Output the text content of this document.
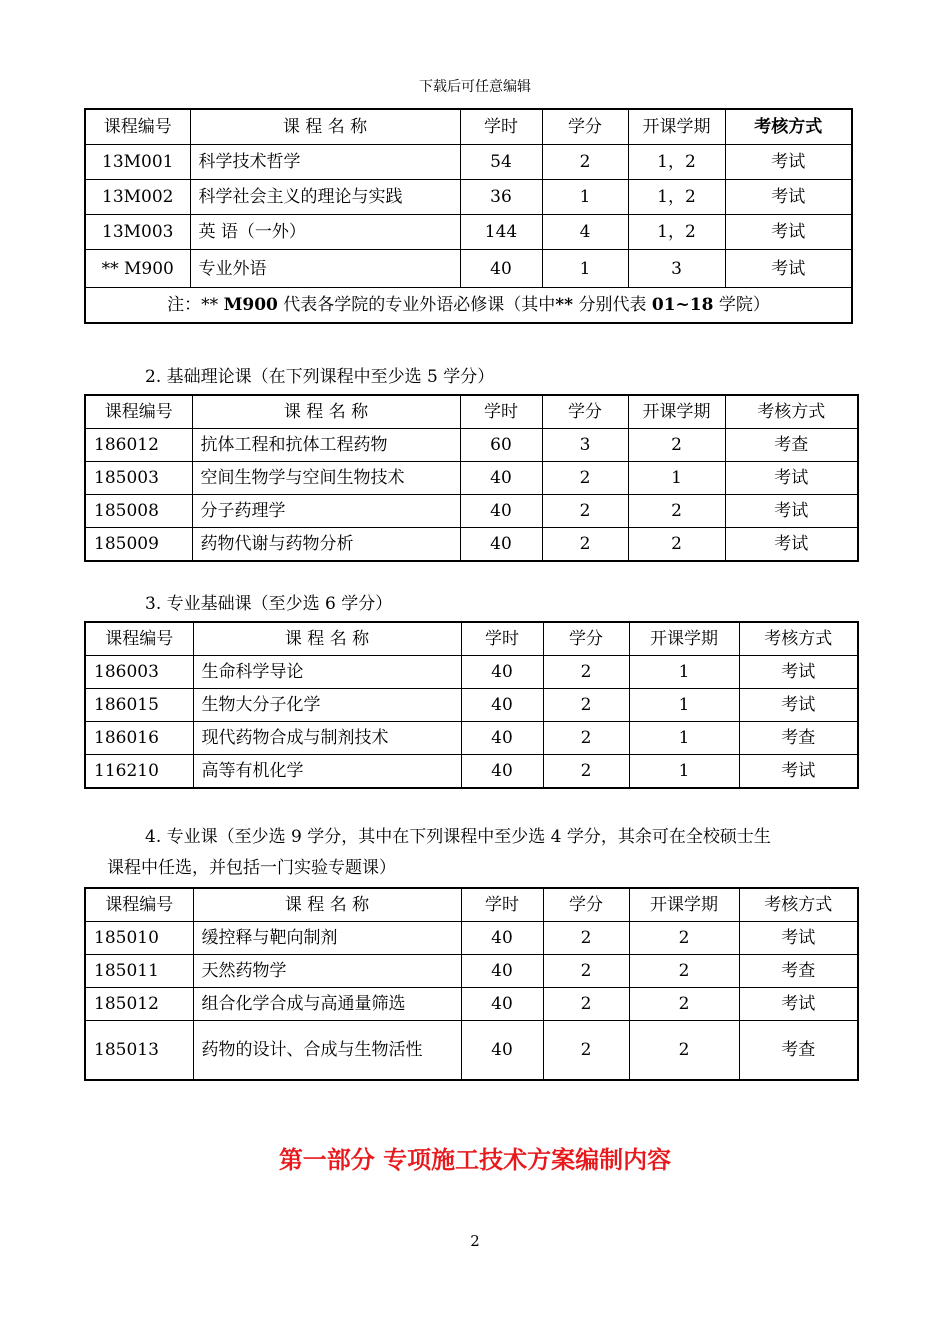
下载后可任意编辑
课程编号	课 程 名 称	学时	学分	开课学期	考核方式
13M001	科学技术哲学	54	2	1，2	考试
13M002	科学社会主义的理论与实践	36	1	1，2	考试
13M003	英 语（一外）	144	4	1，2	考试
** M900	专业外语	40	1	3	考试
注：** M900 代表各学院的专业外语必修课（其中** 分别代表 01~18 学院）					
2. 基础理论课（在下列课程中至少选 5 学分）
课程编号	课 程 名 称	学时	学分	开课学期	考核方式
186012	抗体工程和抗体工程药物	60	3	2	考查
185003	空间生物学与空间生物技术	40	2	1	考试
185008	分子药理学	40	2	2	考试
185009	药物代谢与药物分析	40	2	2	考试
3. 专业基础课（至少选 6 学分）
课程编号	课 程 名 称	学时	学分	开课学期	考核方式
186003	生命科学导论	40	2	1	考试
186015	生物大分子化学	40	2	1	考试
186016	现代药物合成与制剂技术	40	2	1	考查
116210	高等有机化学	40	2	1	考试
4. 专业课（至少选 9 学分，其中在下列课程中至少选 4 学分，其余可在全校硕士生
课程中任选，并包括一门实验专题课）
课程编号	课 程 名 称	学时	学分	开课学期	考核方式
185010	缓控释与靶向制剂	40	2	2	考试
185011	天然药物学	40	2	2	考查
185012	组合化学合成与高通量筛选	40	2	2	考试
185013	药物的设计、合成与生物活性	40	2	2	考查
第一部分 专项施工技术方案编制内容
2
